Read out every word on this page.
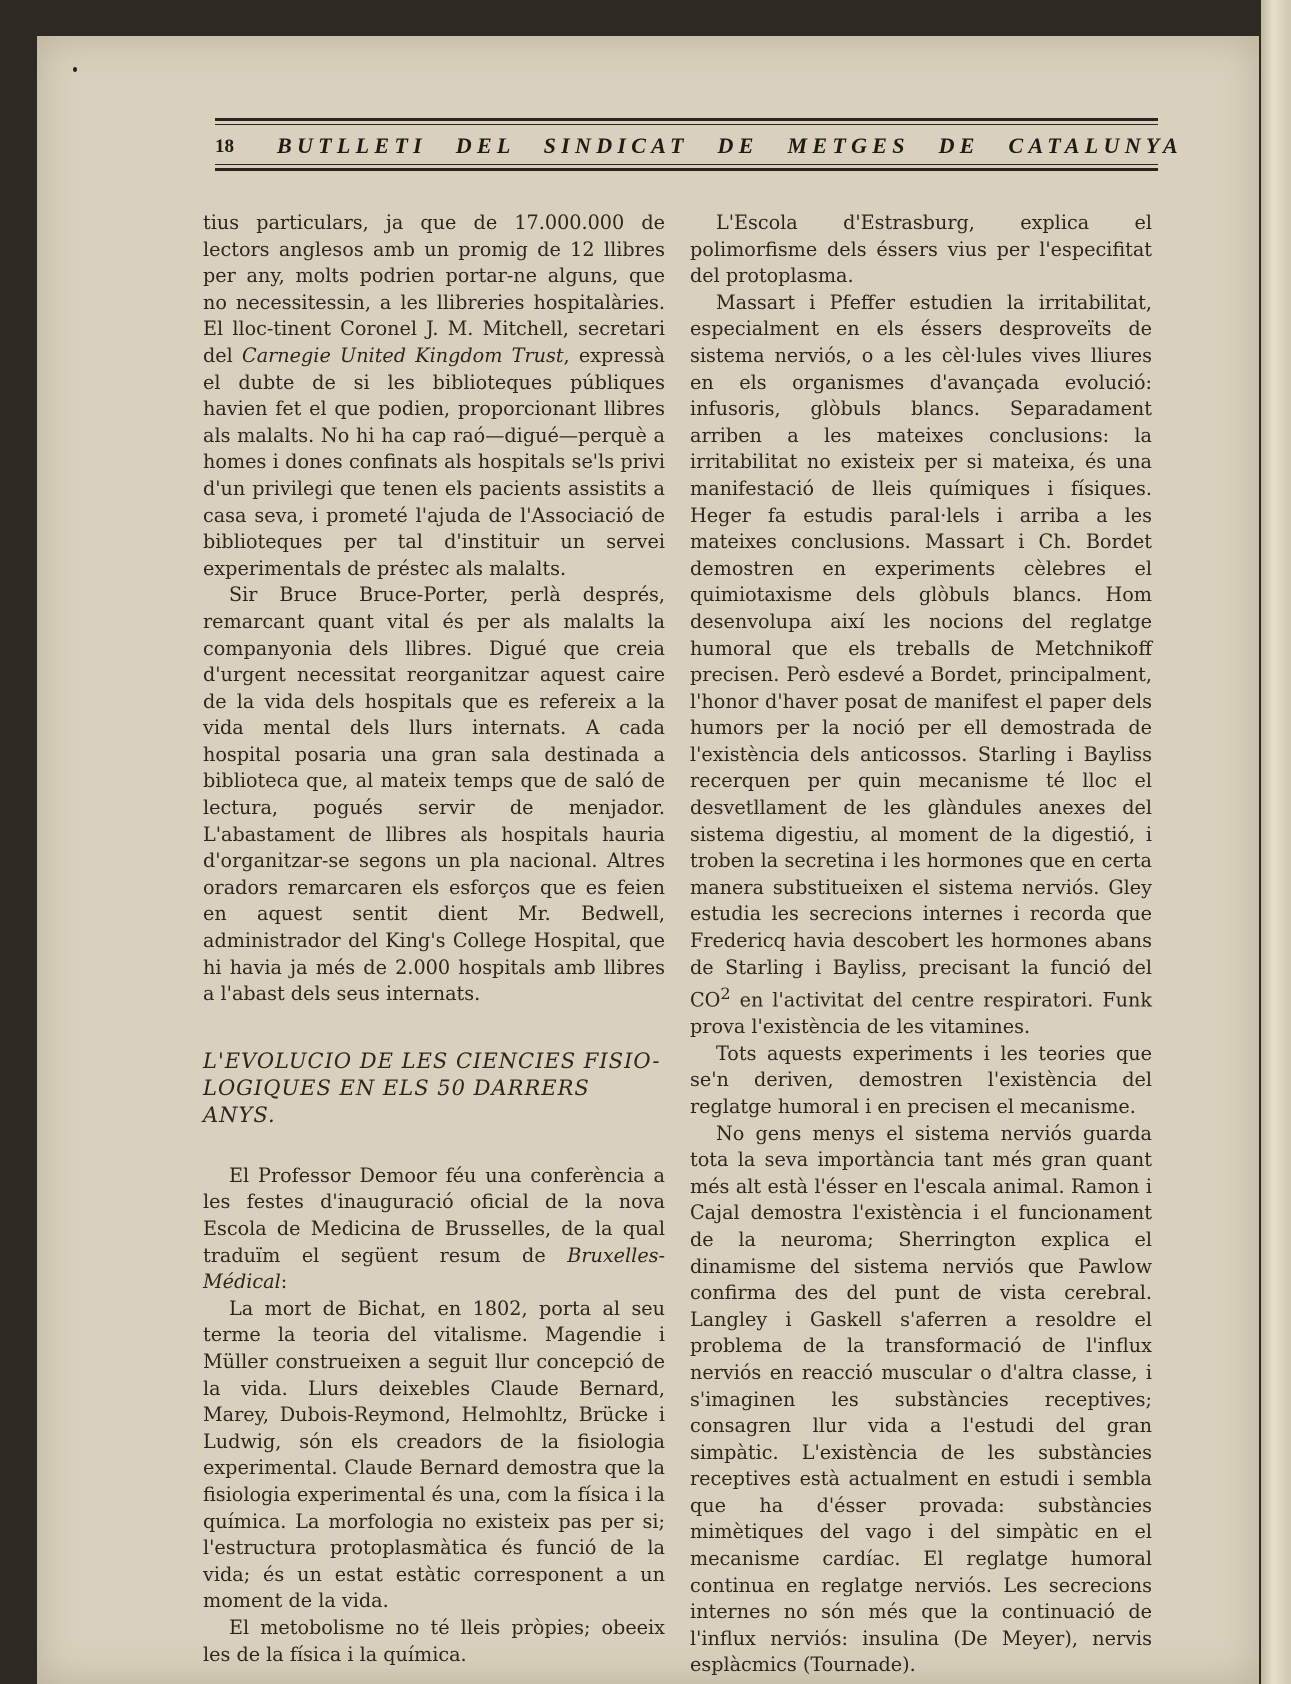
18 BUTLLETI DEL SINDICAT DE METGES DE CATALUNYA

tius particulars, ja que de 17.000.000 de lectors anglesos amb un promig de 12 llibres per any, molts podrien portar-ne alguns, que no necessitessin, a les llibreries hospitalàries. El lloc-tinent Coronel J. M. Mitchell, secretari del Carnegie United Kingdom Trust, expressà el dubte de si les biblioteques públiques havien fet el que podien, proporcionant llibres als malalts. No hi ha cap raó—digué—perquè a homes i dones confinats als hospitals se'ls privi d'un privilegi que tenen els pacients assistits a casa seva, i prometé l'ajuda de l'Associació de biblioteques per tal d'instituir un servei experimentals de préstec als malalts.

Sir Bruce Bruce-Porter, perlà després, remarcant quant vital és per als malalts la companyonia dels llibres. Digué que creia d'urgent necessitat reorganitzar aquest caire de la vida dels hospitals que es refereix a la vida mental dels llurs internats. A cada hospital posaria una gran sala destinada a biblioteca que, al mateix temps que de saló de lectura, pogués servir de menjador. L'abastament de llibres als hospitals hauria d'organitzar-se segons un pla nacional. Altres oradors remarcaren els esforços que es feien en aquest sentit dient Mr. Bedwell, administrador del King's College Hospital, que hi havia ja més de 2.000 hospitals amb llibres a l'abast dels seus internats.

L'EVOLUCIO DE LES CIENCIES FISIO-
LOGIQUES EN ELS 50 DARRERS ANYS.

El Professor Demoor féu una conferència a les festes d'inauguració oficial de la nova Escola de Medicina de Brusselles, de la qual traduïm el següent resum de Bruxelles-Médical:

La mort de Bichat, en 1802, porta al seu terme la teoria del vitalisme. Magendie i Müller construeixen a seguit llur concepció de la vida. Llurs deixebles Claude Bernard, Marey, Dubois-Reymond, Helmohltz, Brücke i Ludwig, són els creadors de la fisiologia experimental. Claude Bernard demostra que la fisiologia experimental és una, com la física i la química. La morfologia no existeix pas per si; l'estructura protoplasmàtica és funció de la vida; és un estat estàtic corresponent a un moment de la vida.

El metobolisme no té lleis pròpies; obeeix les de la física i la química.

L'Escola d'Estrasburg, explica el polimorfisme dels éssers vius per l'especifitat del protoplasma.

Massart i Pfeffer estudien la irritabilitat, especialment en els éssers desproveïts de sistema nerviós, o a les cèl·lules vives lliures en els organismes d'avançada evolució: infusoris, glòbuls blancs. Separadament arriben a les mateixes conclusions: la irritabilitat no existeix per si mateixa, és una manifestació de lleis químiques i físiques. Heger fa estudis paral·lels i arriba a les mateixes conclusions. Massart i Ch. Bordet demostren en experiments cèlebres el quimiotaxisme dels glòbuls blancs. Hom desenvolupa així les nocions del reglatge humoral que els treballs de Metchnikoff precisen. Però esdevé a Bordet, principalment, l'honor d'haver posat de manifest el paper dels humors per la noció per ell demostrada de l'existència dels anticossos. Starling i Bayliss recerquen per quin mecanisme té lloc el desvetllament de les glàndules anexes del sistema digestiu, al moment de la digestió, i troben la secretina i les hormones que en certa manera substitueixen el sistema nerviós. Gley estudia les secrecions internes i recorda que Fredericq havia descobert les hormones abans de Starling i Bayliss, precisant la funció del $CO^2$ en l'activitat del centre respiratori. Funk prova l'existència de les vitamines.

Tots aquests experiments i les teories que se'n deriven, demostren l'existència del reglatge humoral i en precisen el mecanisme.

No gens menys el sistema nerviós guarda tota la seva importància tant més gran quant més alt està l'ésser en l'escala animal. Ramon i Cajal demostra l'existència i el funcionament de la neuroma; Sherrington explica el dinamisme del sistema nerviós que Pawlow confirma des del punt de vista cerebral. Langley i Gaskell s'aferren a resoldre el problema de la transformació de l'influx nerviós en reacció muscular o d'altra classe, i s'imaginen les substàncies receptives; consagren llur vida a l'estudi del gran simpàtic. L'existència de les substàncies receptives està actualment en estudi i sembla que ha d'ésser provada: substàncies mimètiques del vago i del simpàtic en el mecanisme cardíac. El reglatge humoral continua en reglatge nerviós. Les secrecions internes no són més que la continuació de l'influx nerviós: insulina (De Meyer), nervis esplàcmics (Tournade).
